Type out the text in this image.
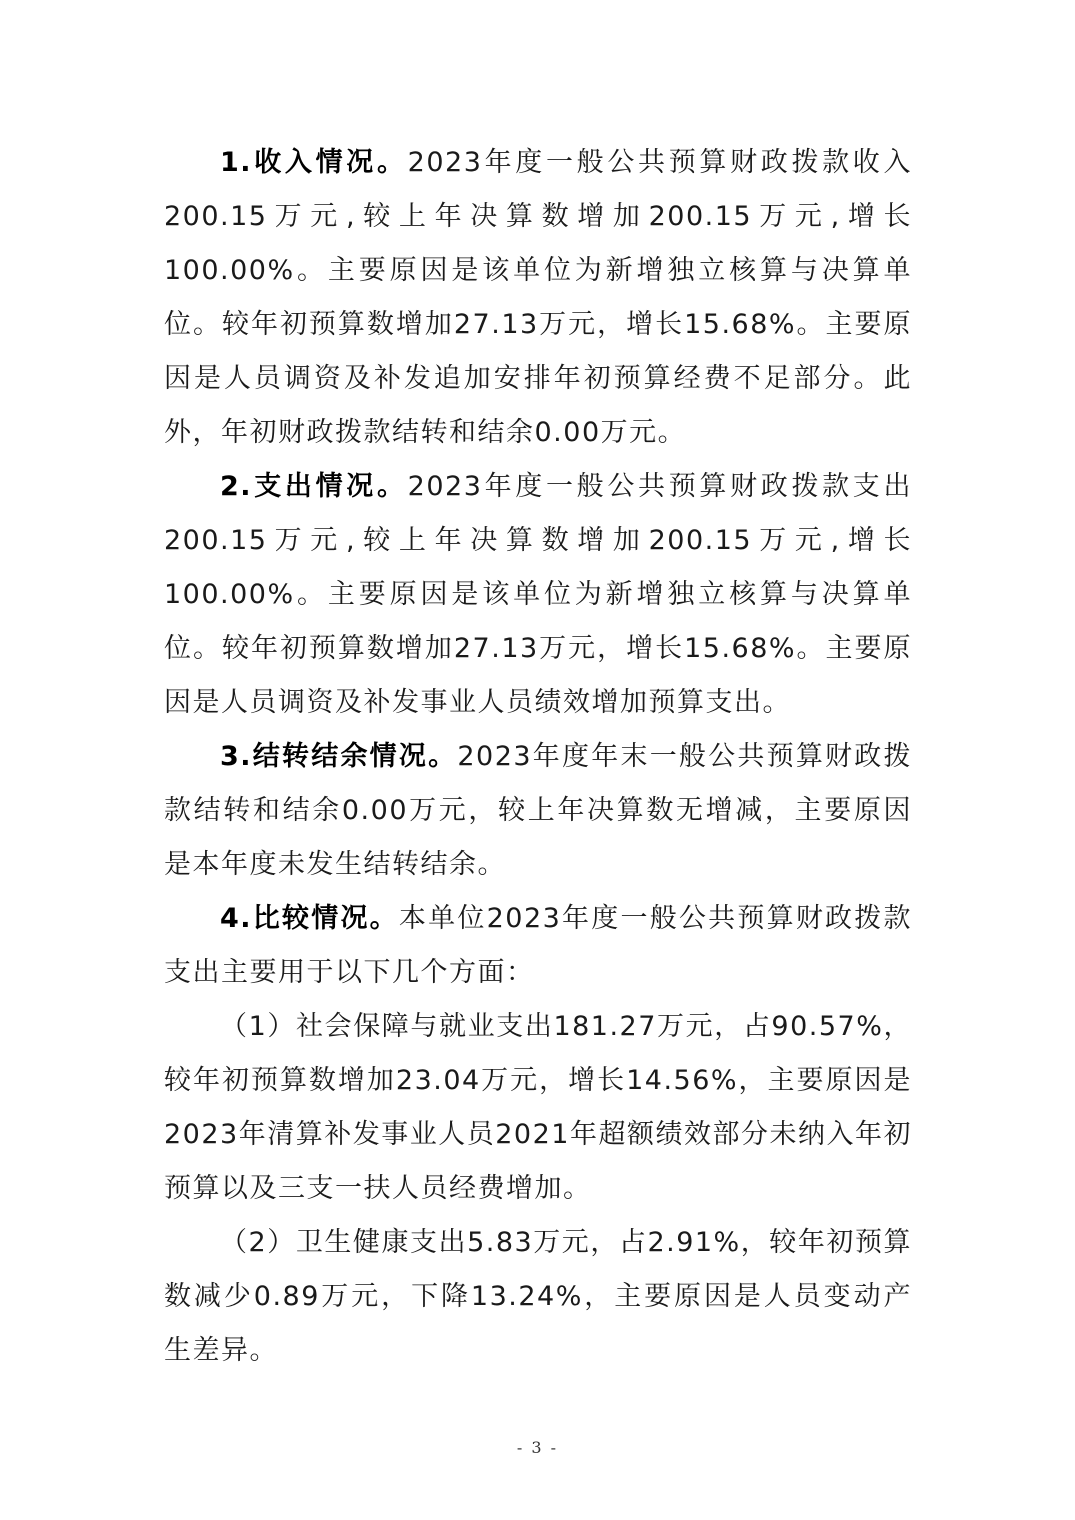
1.收入情况。2023年度一般公共预算财政拨款收入200.15万元,较上年决算数增加200.15万元,增长100.00%。主要原因是该单位为新增独立核算与决算单位。较年初预算数增加27.13万元，增长15.68%。主要原因是人员调资及补发追加安排年初预算经费不足部分。此外，年初财政拨款结转和结余0.00万元。

2.支出情况。2023年度一般公共预算财政拨款支出200.15万元,较上年决算数增加200.15万元,增长100.00%。主要原因是该单位为新增独立核算与决算单位。较年初预算数增加27.13万元，增长15.68%。主要原因是人员调资及补发事业人员绩效增加预算支出。

3.结转结余情况。2023年度年末一般公共预算财政拨款结转和结余0.00万元，较上年决算数无增减，主要原因是本年度未发生结转结余。

4.比较情况。本单位2023年度一般公共预算财政拨款支出主要用于以下几个方面：

（1）社会保障与就业支出181.27万元，占90.57%，较年初预算数增加23.04万元，增长14.56%，主要原因是2023年清算补发事业人员2021年超额绩效部分未纳入年初预算以及三支一扶人员经费增加。

（2）卫生健康支出5.83万元，占2.91%，较年初预算数减少0.89万元，下降13.24%，主要原因是人员变动产生差异。

- 3 -
